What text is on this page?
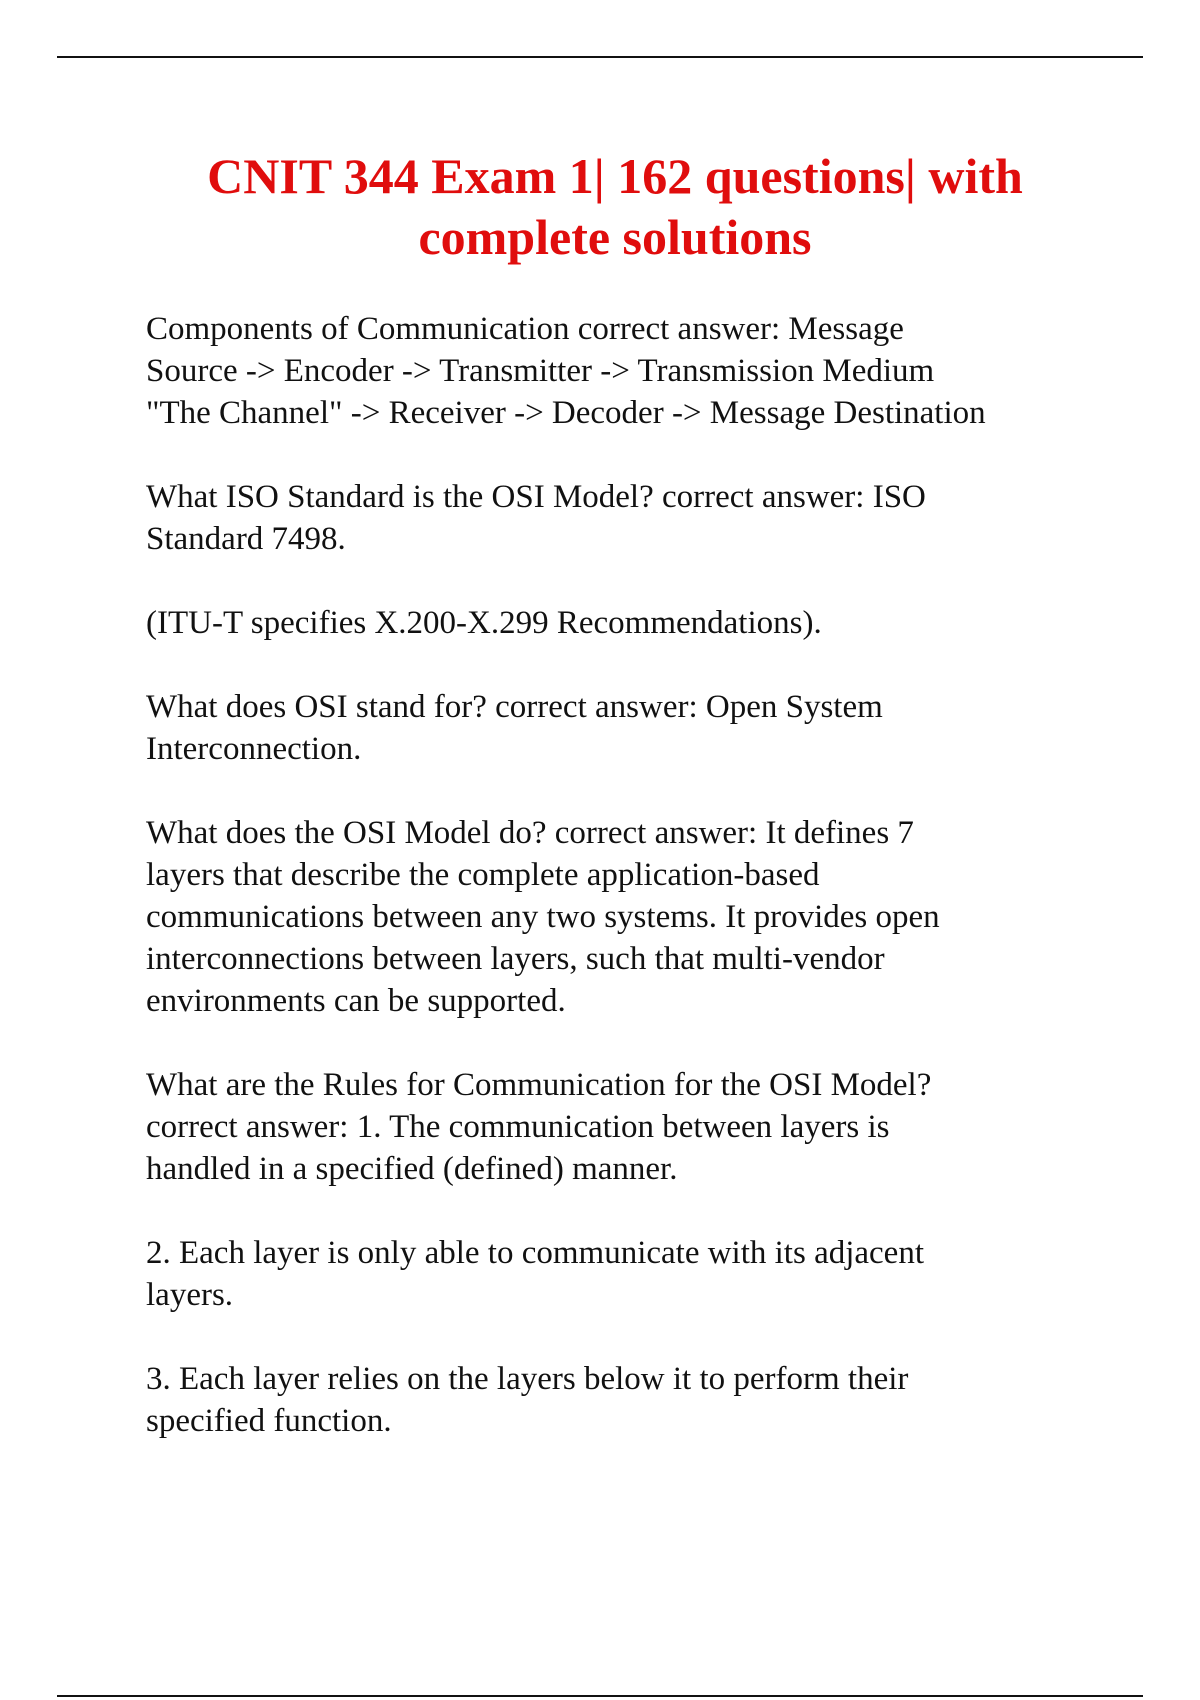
CNIT 344 Exam 1| 162 questions| with
complete solutions

Components of Communication correct answer: Message
Source -> Encoder -> Transmitter -> Transmission Medium
"The Channel" -> Receiver -> Decoder -> Message Destination

What ISO Standard is the OSI Model? correct answer: ISO
Standard 7498.

(ITU-T specifies X.200-X.299 Recommendations).

What does OSI stand for? correct answer: Open System
Interconnection.

What does the OSI Model do? correct answer: It defines 7
layers that describe the complete application-based
communications between any two systems. It provides open
interconnections between layers, such that multi-vendor
environments can be supported.

What are the Rules for Communication for the OSI Model?
correct answer: 1. The communication between layers is
handled in a specified (defined) manner.

2. Each layer is only able to communicate with its adjacent
layers.

3. Each layer relies on the layers below it to perform their
specified function.
